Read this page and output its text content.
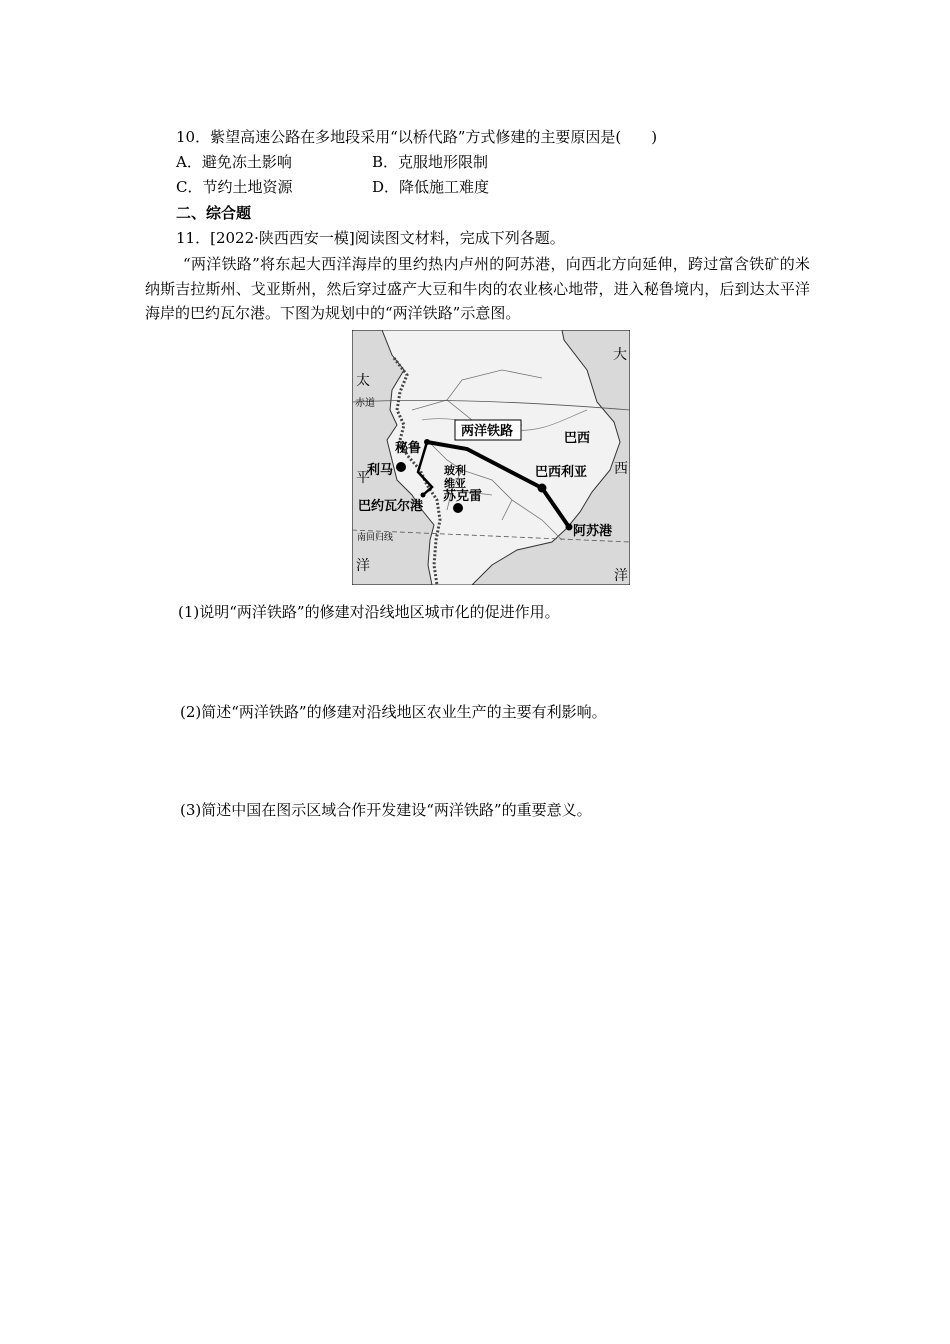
10．紫望高速公路在多地段采用“以桥代路”方式修建的主要原因是(　　)
A．避免冻土影响	B．克服地形限制
C．节约土地资源	D．降低施工难度
二、综合题
11．[2022·陕西西安一模]阅读图文材料，完成下列各题。
“两洋铁路”将东起大西洋海岸的里约热内卢州的阿苏港，向西北方向延伸，跨过富含铁矿的米纳斯吉拉斯州、戈亚斯州，然后穿过盛产大豆和牛肉的农业核心地带，进入秘鲁境内，后到达太平洋海岸的巴约瓦尔港。下图为规划中的“两洋铁路”示意图。
两洋铁路
大
西
洋
太
平
洋
赤道
南回归线
巴西
巴西利亚
秘鲁
利马	玻利
维亚
苏克雷
巴约瓦尔港
阿苏港
(1)说明“两洋铁路”的修建对沿线地区城市化的促进作用。
(2)简述“两洋铁路”的修建对沿线地区农业生产的主要有利影响。
(3)简述中国在图示区域合作开发建设“两洋铁路”的重要意义。
